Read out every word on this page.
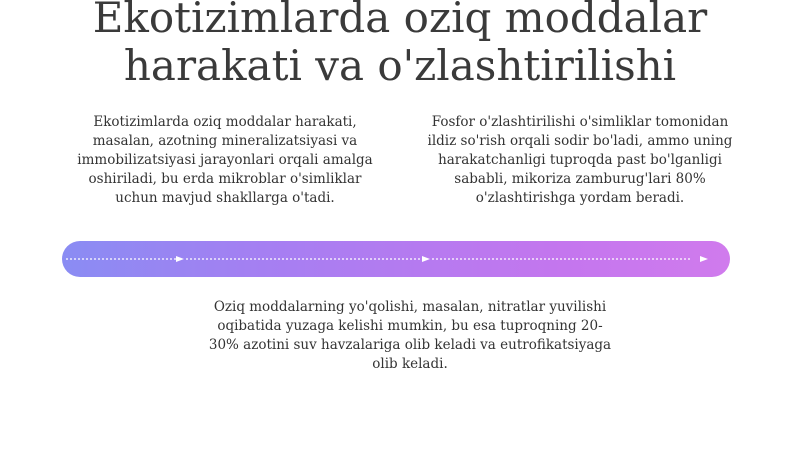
Ekotizimlarda oziq moddalar harakati va o'zlashtirilishi

Ekotizimlarda oziq moddalar harakati, masalan, azotning mineralizatsiyasi va immobilizatsiyasi jarayonlari orqali amalga oshiriladi, bu erda mikroblar o'simliklar uchun mavjud shakllarga o'tadi.

Fosfor o'zlashtirilishi o'simliklar tomonidan ildiz so'rish orqali sodir bo'ladi, ammo uning harakatchanligi tuproqda past bo'lganligi sababli, mikoriza zamburug'lari 80% o'zlashtirishga yordam beradi.

Oziq moddalarning yo'qolishi, masalan, nitratlar yuvilishi oqibatida yuzaga kelishi mumkin, bu esa tuproqning 20-30% azotini suv havzalariga olib keladi va eutrofikatsiyaga olib keladi.
